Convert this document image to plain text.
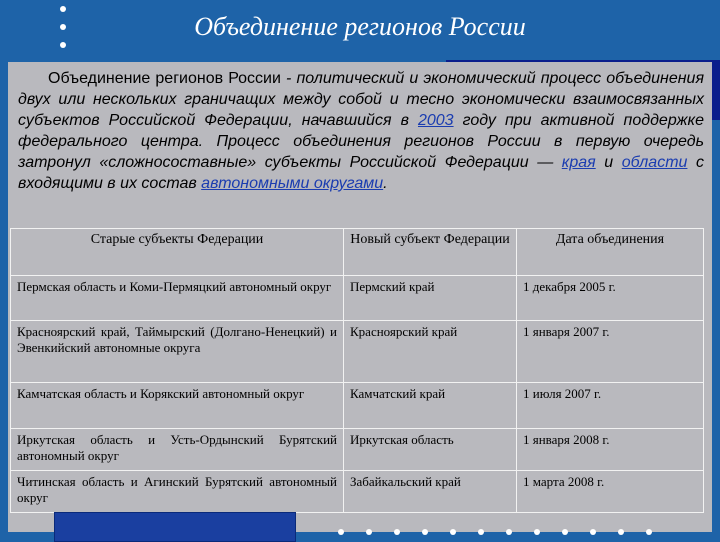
Объединение регионов России
Объединение регионов России - политический и экономический процесс объединения двух или нескольких граничащих между собой и тесно экономически взаимосвязанных субъектов Российской Федерации, начавшийся в 2003 году при активной поддержке федерального центра. Процесс объединения регионов России в первую очередь затронул «сложносоставные» субъекты Российской Федерации — края и области с входящими в их состав автономными округами.
Старые субъекты Федерации	Новый субъект Федерации	Дата объединения
Пермская область и Коми-Пермяцкий автономный округ	Пермский край	1 декабря 2005 г.
Красноярский край, Таймырский (Долгано-Ненецкий) и Эвенкийский автономные округа	Красноярский край	1 января 2007 г.
Камчатская область и Корякский автономный округ	Камчатский край	1 июля 2007 г.
Иркутская область и Усть-Ордынский Бурятский автономный округ	Иркутская область	1 января 2008 г.
Читинская область и Агинский Бурятский автономный округ	Забайкальский край	1 марта 2008 г.
